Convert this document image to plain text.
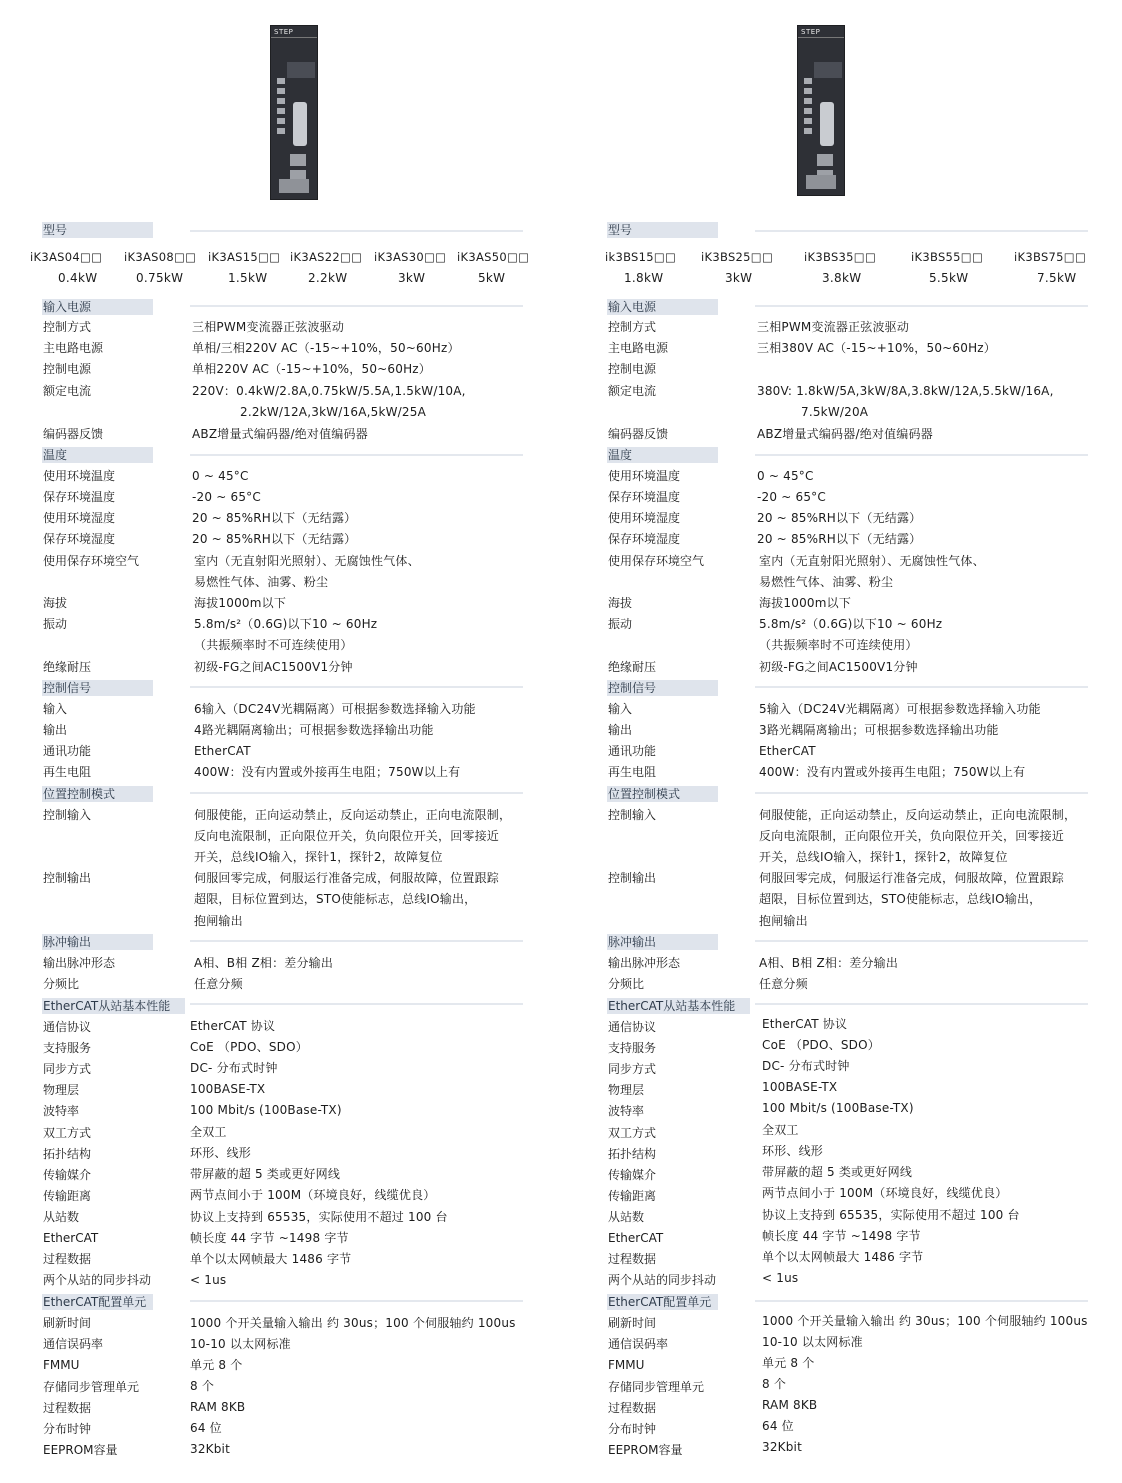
STEP
型号
iK3AS04□□ iK3AS08□□ iK3AS15□□ iK3AS22□□ iK3AS30□□ iK3AS50□□
0.4kW	0.75kW	1.5kW	2.2kW	3kW	5kW
输入电源
控制方式	三相PWM变流器正弦波驱动
主电路电源	单相/三相220V AC（-15~+10%，50~60Hz）
控制电源	单相220V AC（-15~+10%，50~60Hz）
额定电流	220V：0.4kW/2.8A,0.75kW/5.5A,1.5kW/10A,
2.2kW/12A,3kW/16A,5kW/25A
编码器反馈	ABZ增量式编码器/绝对值编码器
温度
使用环境温度	0 ~ 45°C
保存环境温度	-20 ~ 65°C
使用环境湿度	20 ~ 85%RH以下（无结露）
保存环境湿度	20 ~ 85%RH以下（无结露）
使用保存环境空气	室内（无直射阳光照射）、无腐蚀性气体、
易燃性气体、油雾、粉尘
海拔	海拔1000m以下
振动	5.8m/s²（0.6G)以下10 ~ 60Hz
（共振频率时不可连续使用）
绝缘耐压	初级-FG之间AC1500V1分钟
控制信号
输入	6输入（DC24V光耦隔离）可根据参数选择输入功能
输出	4路光耦隔离输出；可根据参数选择输出功能
通讯功能	EtherCAT
再生电阻	400W：没有内置或外接再生电阻；750W以上有
位置控制模式
控制输入	伺服使能，正向运动禁止，反向运动禁止，正向电流限制，
反向电流限制，正向限位开关，负向限位开关，回零接近
开关，总线IO输入，探针1，探针2，故障复位
控制输出	伺服回零完成，伺服运行准备完成，伺服故障，位置跟踪
超限，目标位置到达，STO使能标志，总线IO输出，
抱闸输出
脉冲输出
输出脉冲形态	A相、B相 Z相：差分输出
分频比	任意分频
EtherCAT从站基本性能
通信协议	EtherCAT 协议
支持服务	CoE （PDO、SDO）
同步方式	DC- 分布式时钟
物理层	100BASE-TX
波特率	100 Mbit/s (100Base-TX)
双工方式	全双工
拓扑结构	环形、线形
传输媒介	带屏蔽的超 5 类或更好网线
传输距离	两节点间小于 100M（环境良好，线缆优良）
从站数	协议上支持到 65535，实际使用不超过 100 台
EtherCAT	帧长度 44 字节 ~1498 字节
过程数据	单个以太网帧最大 1486 字节
两个从站的同步抖动	< 1us
EtherCAT配置单元
刷新时间	1000 个开关量输入输出 约 30us；100 个伺服轴约 100us
通信误码率	10-10 以太网标准
FMMU	单元 8 个
存储同步管理单元	8 个
过程数据	RAM 8KB
分布时钟	64 位
EEPROM容量	32Kbit
STEP
型号
ik3BS15□□ iK3BS25□□	iK3BS35□□	iK3BS55□□	iK3BS75□□
1.8kW	3kW	3.8kW	5.5kW	7.5kW
输入电源
控制方式	三相PWM变流器正弦波驱动
主电路电源	三相380V AC（-15~+10%，50~60Hz）
控制电源
额定电流	380V: 1.8kW/5A,3kW/8A,3.8kW/12A,5.5kW/16A,
7.5kW/20A
编码器反馈	ABZ增量式编码器/绝对值编码器
温度
使用环境温度	0 ~ 45°C
保存环境温度	-20 ~ 65°C
使用环境湿度	20 ~ 85%RH以下（无结露）
保存环境湿度	20 ~ 85%RH以下（无结露）
使用保存环境空气	室内（无直射阳光照射）、无腐蚀性气体、
易燃性气体、油雾、粉尘
海拔	海拔1000m以下
振动	5.8m/s²（0.6G)以下10 ~ 60Hz
（共振频率时不可连续使用）
绝缘耐压	初级-FG之间AC1500V1分钟
控制信号
输入	5输入（DC24V光耦隔离）可根据参数选择输入功能
输出	3路光耦隔离输出；可根据参数选择输出功能
通讯功能	EtherCAT
再生电阻	400W：没有内置或外接再生电阻；750W以上有
位置控制模式
控制输入	伺服使能，正向运动禁止，反向运动禁止，正向电流限制，
反向电流限制，正向限位开关，负向限位开关，回零接近
开关，总线IO输入，探针1，探针2，故障复位
控制输出	伺服回零完成，伺服运行准备完成，伺服故障，位置跟踪
超限，目标位置到达，STO使能标志，总线IO输出，
抱闸输出
脉冲输出
输出脉冲形态	A相、B相 Z相：差分输出
分频比	任意分频
EtherCAT从站基本性能
通信协议	EtherCAT 协议
支持服务	CoE （PDO、SDO）
同步方式	DC- 分布式时钟
物理层	100BASE-TX
波特率	100 Mbit/s (100Base-TX)
双工方式	全双工
拓扑结构	环形、线形
传输媒介	带屏蔽的超 5 类或更好网线
传输距离	两节点间小于 100M（环境良好，线缆优良）
从站数	协议上支持到 65535，实际使用不超过 100 台
EtherCAT	帧长度 44 字节 ~1498 字节
过程数据	单个以太网帧最大 1486 字节
两个从站的同步抖动	< 1us
EtherCAT配置单元
刷新时间	1000 个开关量输入输出 约 30us；100 个伺服轴约 100us
通信误码率	10-10 以太网标准
FMMU	单元 8 个
存储同步管理单元	8 个
过程数据	RAM 8KB
分布时钟	64 位
EEPROM容量	32Kbit
